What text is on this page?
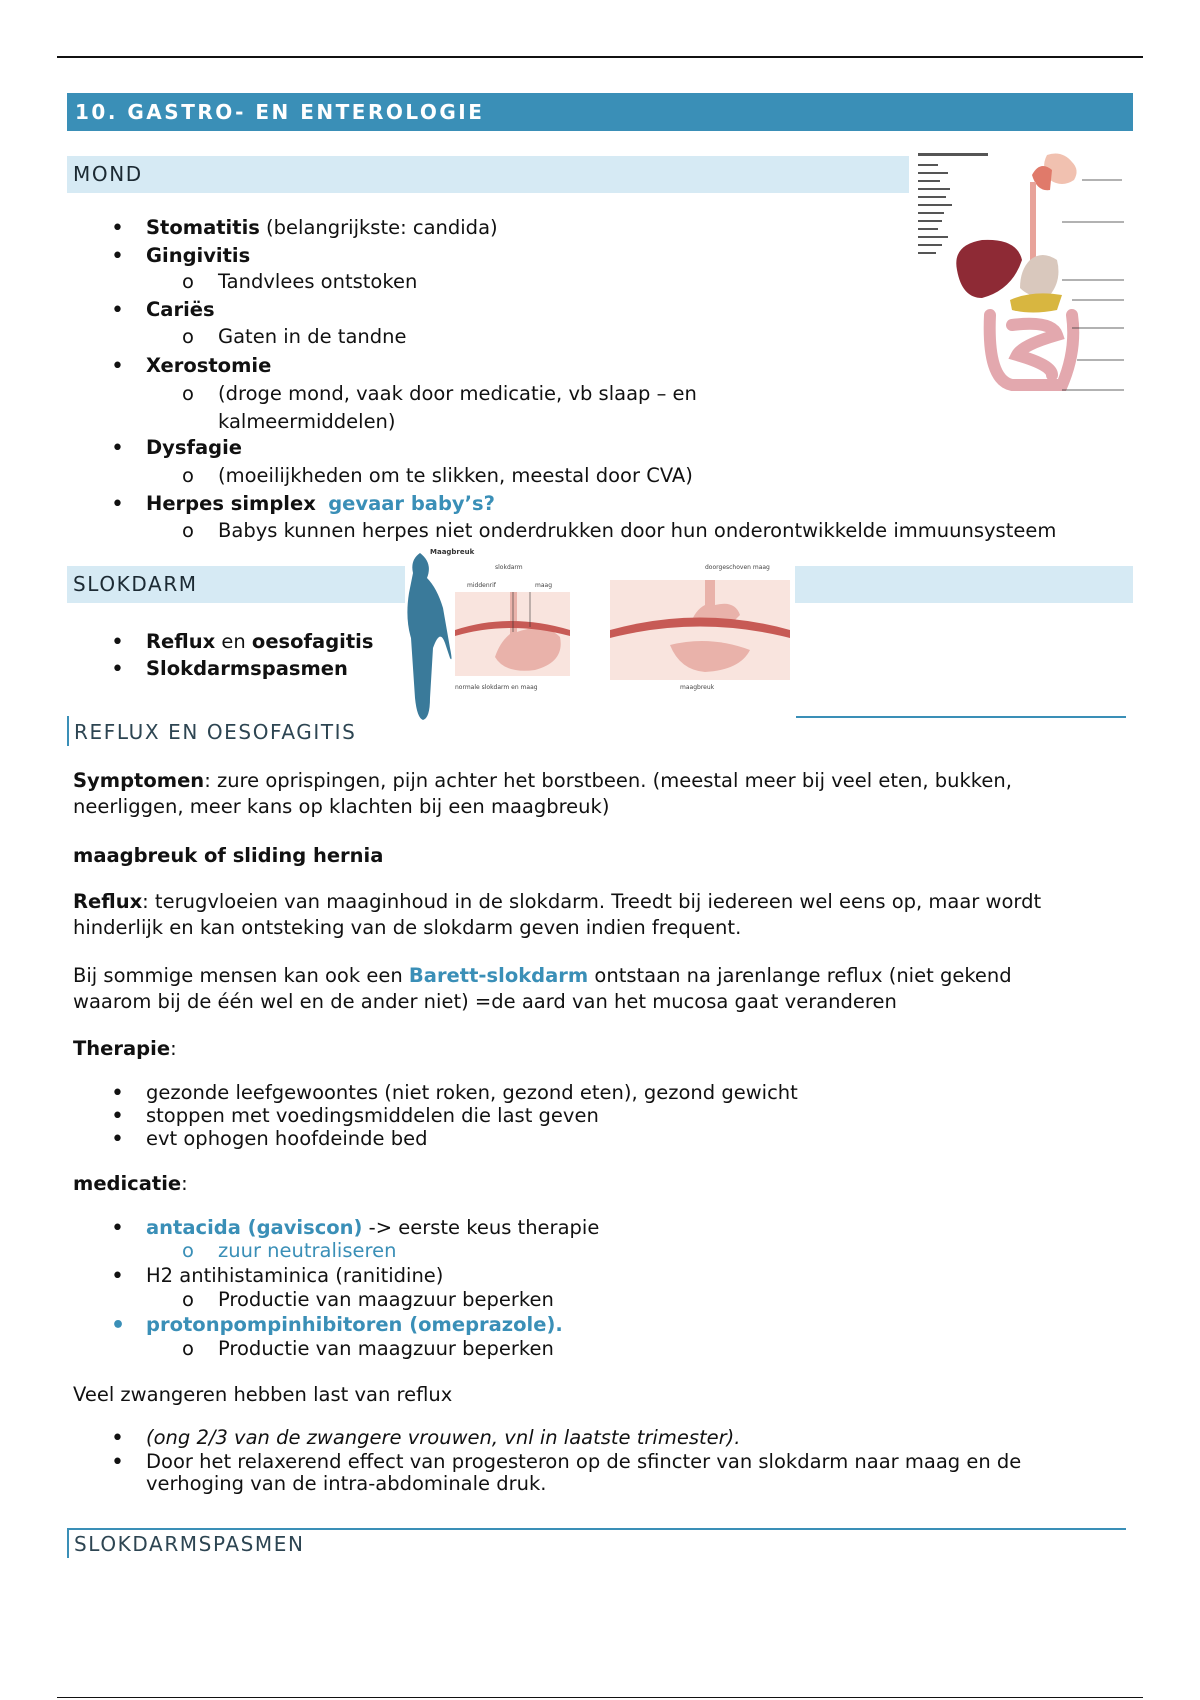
10. GASTRO- EN ENTEROLOGIE
MOND
• Stomatitis (belangrijkste: candida)
• Gingivitis
o Tandvlees ontstoken
• Cariës
o Gaten in de tandne
• Xerostomie
o (droge mond, vaak door medicatie, vb slaap – en
kalmeermiddelen)
• Dysfagie
o (moeilijkheden om te slikken, meestal door CVA)
• Herpes simplex gevaar baby’s?
o Babys kunnen herpes niet onderdrukken door hun onderontwikkelde immuunsysteem
SLOKDARM
Maagbreuk
slokdarm
middenrif	maag
doorgeschoven maag
normale slokdarm en maag	maagbreuk
• Reflux en oesofagitis
• Slokdarmspasmen
REFLUX EN OESOFAGITIS
Symptomen: zure oprispingen, pijn achter het borstbeen. (meestal meer bij veel eten, bukken,
neerliggen, meer kans op klachten bij een maagbreuk)
maagbreuk of sliding hernia
Reflux: terugvloeien van maaginhoud in de slokdarm. Treedt bij iedereen wel eens op, maar wordt
hinderlijk en kan ontsteking van de slokdarm geven indien frequent.
Bij sommige mensen kan ook een Barett-slokdarm ontstaan na jarenlange reflux (niet gekend
waarom bij de één wel en de ander niet) =de aard van het mucosa gaat veranderen
Therapie:
• gezonde leefgewoontes (niet roken, gezond eten), gezond gewicht
• stoppen met voedingsmiddelen die last geven
• evt ophogen hoofdeinde bed
medicatie:
• antacida (gaviscon) -> eerste keus therapie
o zuur neutraliseren
• H2 antihistaminica (ranitidine)
o Productie van maagzuur beperken
• protonpompinhibitoren (omeprazole).
o Productie van maagzuur beperken
Veel zwangeren hebben last van reflux
• (ong 2/3 van de zwangere vrouwen, vnl in laatste trimester).
• Door het relaxerend effect van progesteron op de sfincter van slokdarm naar maag en de
verhoging van de intra-abdominale druk.
SLOKDARMSPASMEN
